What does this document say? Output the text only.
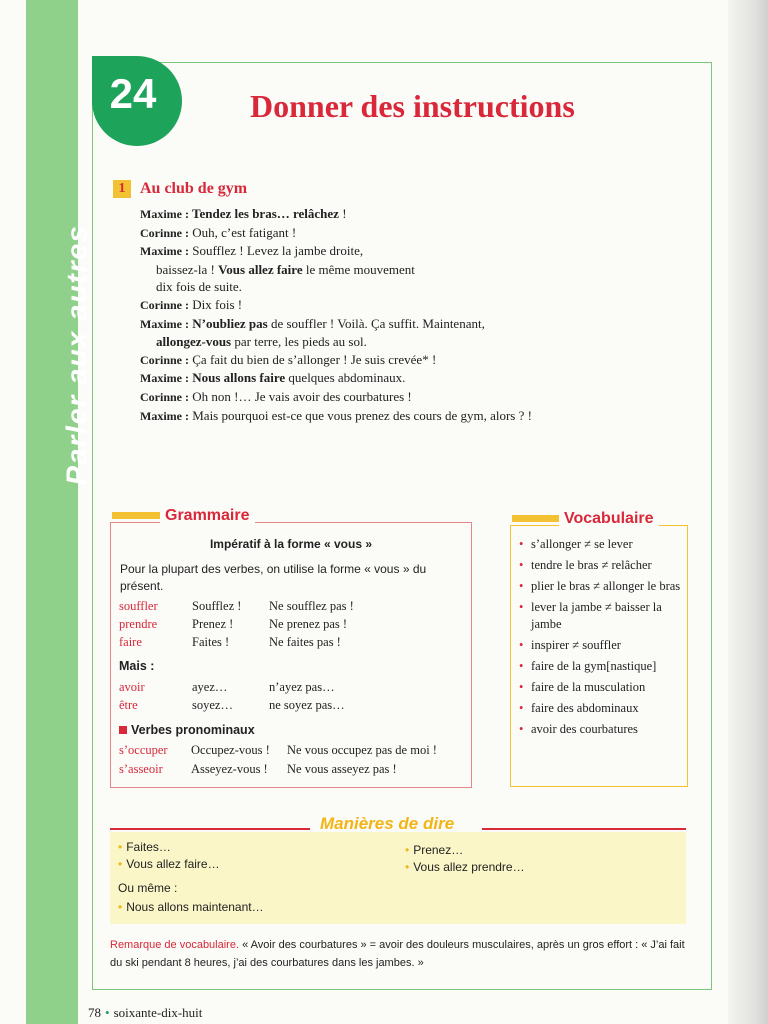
Parler aux autres
24	Donner des instructions
1 Au club de gym
Maxime : Tendez les bras… relâchez !
Corinne : Ouh, c’est fatigant !
Maxime : Soufflez ! Levez la jambe droite,
baissez-la ! Vous allez faire le même mouvement
dix fois de suite.
Corinne : Dix fois !
Maxime : N’oubliez pas de souffler ! Voilà. Ça suffit. Maintenant,
allongez-vous par terre, les pieds au sol.
Corinne : Ça fait du bien de s’allonger ! Je suis crevée* !
Maxime : Nous allons faire quelques abdominaux.
Corinne : Oh non !… Je vais avoir des courbatures !
Maxime : Mais pourquoi est-ce que vous prenez des cours de gym, alors ? !
Impératif à la forme « vous »
Pour la plupart des verbes, on utilise la forme « vous » du présent.
souffler	Soufflez ! Ne soufflez pas !
prendre	Prenez !	Ne prenez pas !
faire	Faites !	Ne faites pas !
Mais :
avoir	ayez…	n’ayez pas…
être	soyez…	ne soyez pas…
Verbes pronominaux
s’occuper Occupez-vous ! Ne vous occupez pas de moi !
s’asseoir Asseyez-vous ! Ne vous asseyez pas !
Grammaire
• s’allonger ≠ se lever
• tendre le bras ≠ relâcher
• plier le bras ≠ allonger le bras
• lever la jambe ≠ baisser la jambe
• inspirer ≠ souffler
• faire de la gym[nastique]
• faire de la musculation
• faire des abdominaux
• avoir des courbatures
Vocabulaire
Manières de dire
• Faites…
• Vous allez faire…
• Prenez…
• Vous allez prendre…
Ou même :
• Nous allons maintenant…
Remarque de vocabulaire. « Avoir des courbatures » = avoir des douleurs musculaires, après un gros effort : « J’ai fait du ski pendant 8 heures, j’ai des courbatures dans les jambes. »
78 • soixante-dix-huit
